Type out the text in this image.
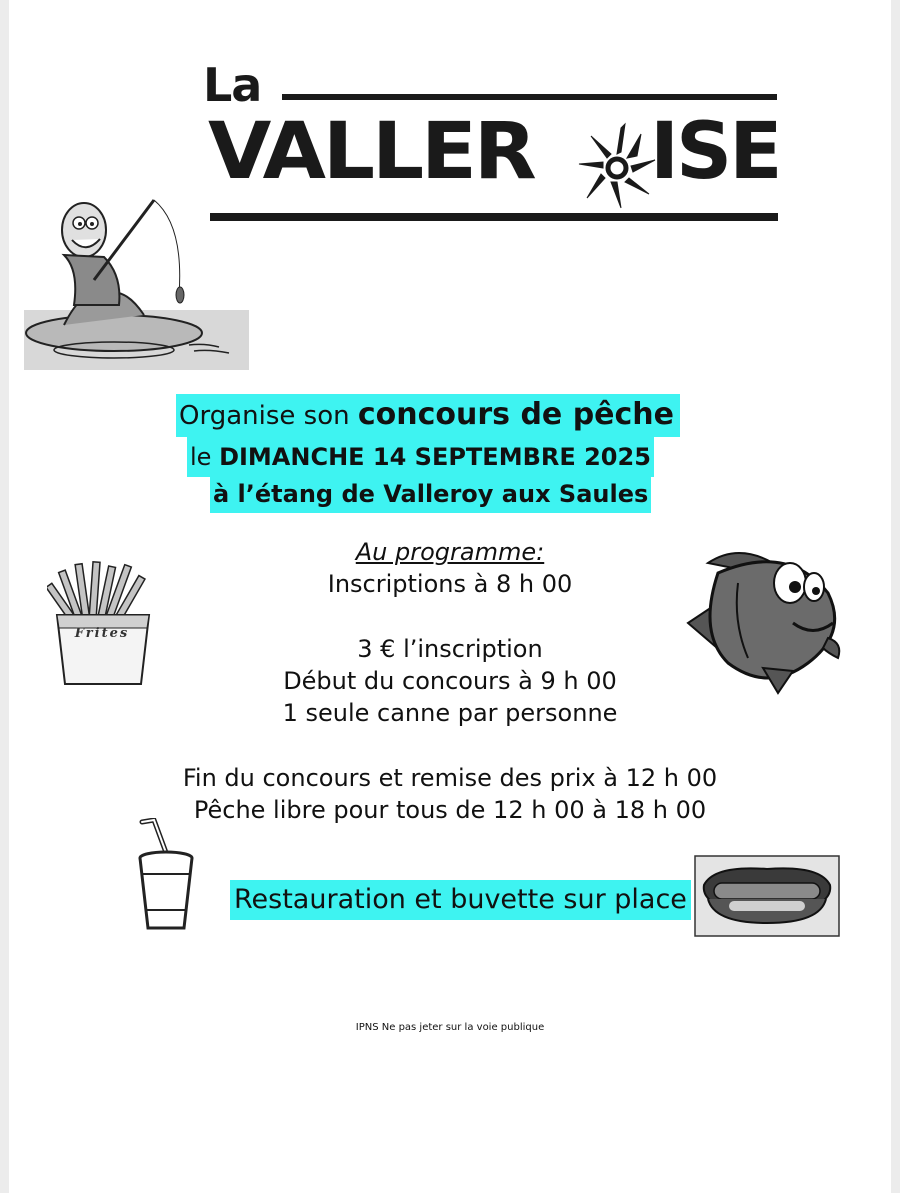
La
VALLER ISE
Organise son concours de pêche
le DIMANCHE 14 SEPTEMBRE 2025
à l’étang de Valleroy aux Saules
Frites
Au programme:
Inscriptions à 8 h 00
3 € l’inscription
Début du concours à 9 h 00
1 seule canne par personne
Fin du concours et remise des prix à 12 h 00
Pêche libre pour tous de 12 h 00 à 18 h 00
Restauration et buvette sur place
IPNS Ne pas jeter sur la voie publique
